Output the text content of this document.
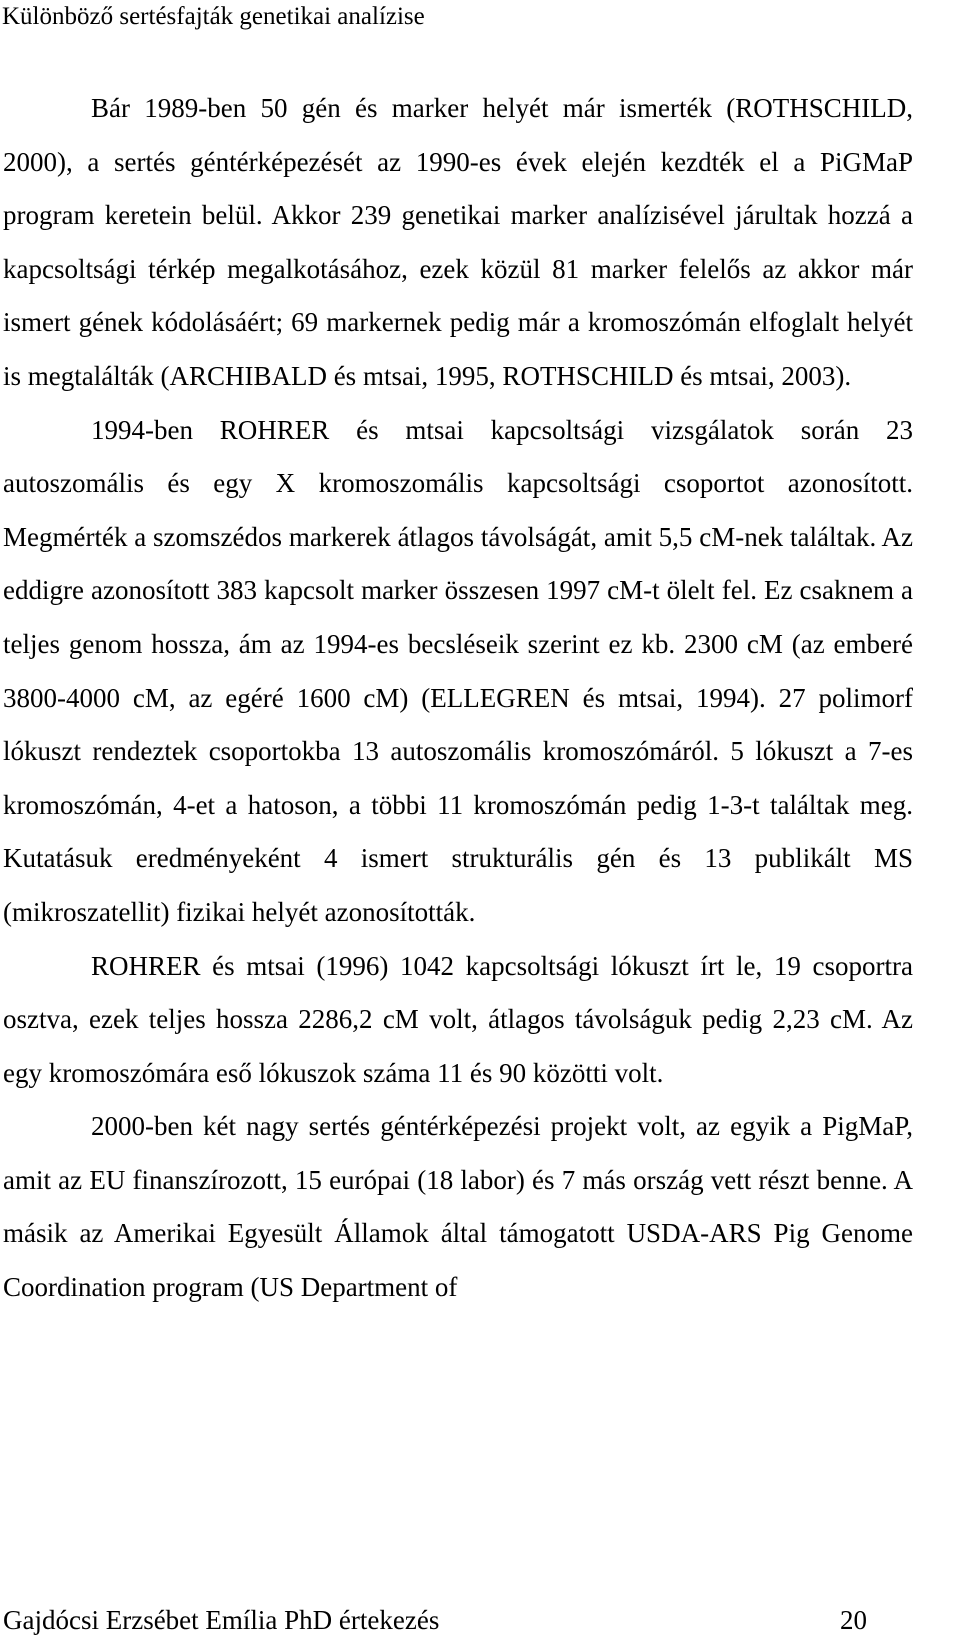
Különböző sertésfajták genetikai analízise

Bár 1989-ben 50 gén és marker helyét már ismerték (ROTHSCHILD, 2000), a sertés géntérképezését az 1990-es évek elején kezdték el a PiGMaP program keretein belül. Akkor 239 genetikai marker analízisével járultak hozzá a kapcsoltsági térkép megalkotásához, ezek közül 81 marker felelős az akkor már ismert gének kódolásáért; 69 markernek pedig már a kromoszómán elfoglalt helyét is megtalálták (ARCHIBALD és mtsai, 1995, ROTHSCHILD és mtsai, 2003).

1994-ben ROHRER és mtsai kapcsoltsági vizsgálatok során 23 autoszomális és egy X kromoszomális kapcsoltsági csoportot azonosított. Megmérték a szomszédos markerek átlagos távolságát, amit 5,5 cM-nek találtak. Az eddigre azonosított 383 kapcsolt marker összesen 1997 cM-t ölelt fel. Ez csaknem a teljes genom hossza, ám az 1994-es becsléseik szerint ez kb. 2300 cM (az emberé 3800-4000 cM, az egéré 1600 cM) (ELLEGREN és mtsai, 1994). 27 polimorf lókuszt rendeztek csoportokba 13 autoszomális kromoszómáról. 5 lókuszt a 7-es kromoszómán, 4-et a hatoson, a többi 11 kromoszómán pedig 1-3-t találtak meg. Kutatásuk eredményeként 4 ismert strukturális gén és 13 publikált MS (mikroszatellit) fizikai helyét azonosították.

ROHRER és mtsai (1996) 1042 kapcsoltsági lókuszt írt le, 19 csoportra osztva, ezek teljes hossza 2286,2 cM volt, átlagos távolságuk pedig 2,23 cM. Az egy kromoszómára eső lókuszok száma 11 és 90 közötti volt.

2000-ben két nagy sertés géntérképezési projekt volt, az egyik a PigMaP, amit az EU finanszírozott, 15 európai (18 labor) és 7 más ország vett részt benne. A másik az Amerikai Egyesült Államok által támogatott USDA-ARS Pig Genome Coordination program (US Department of

Gajdócsi Erzsébet Emília PhD értekezés	20
